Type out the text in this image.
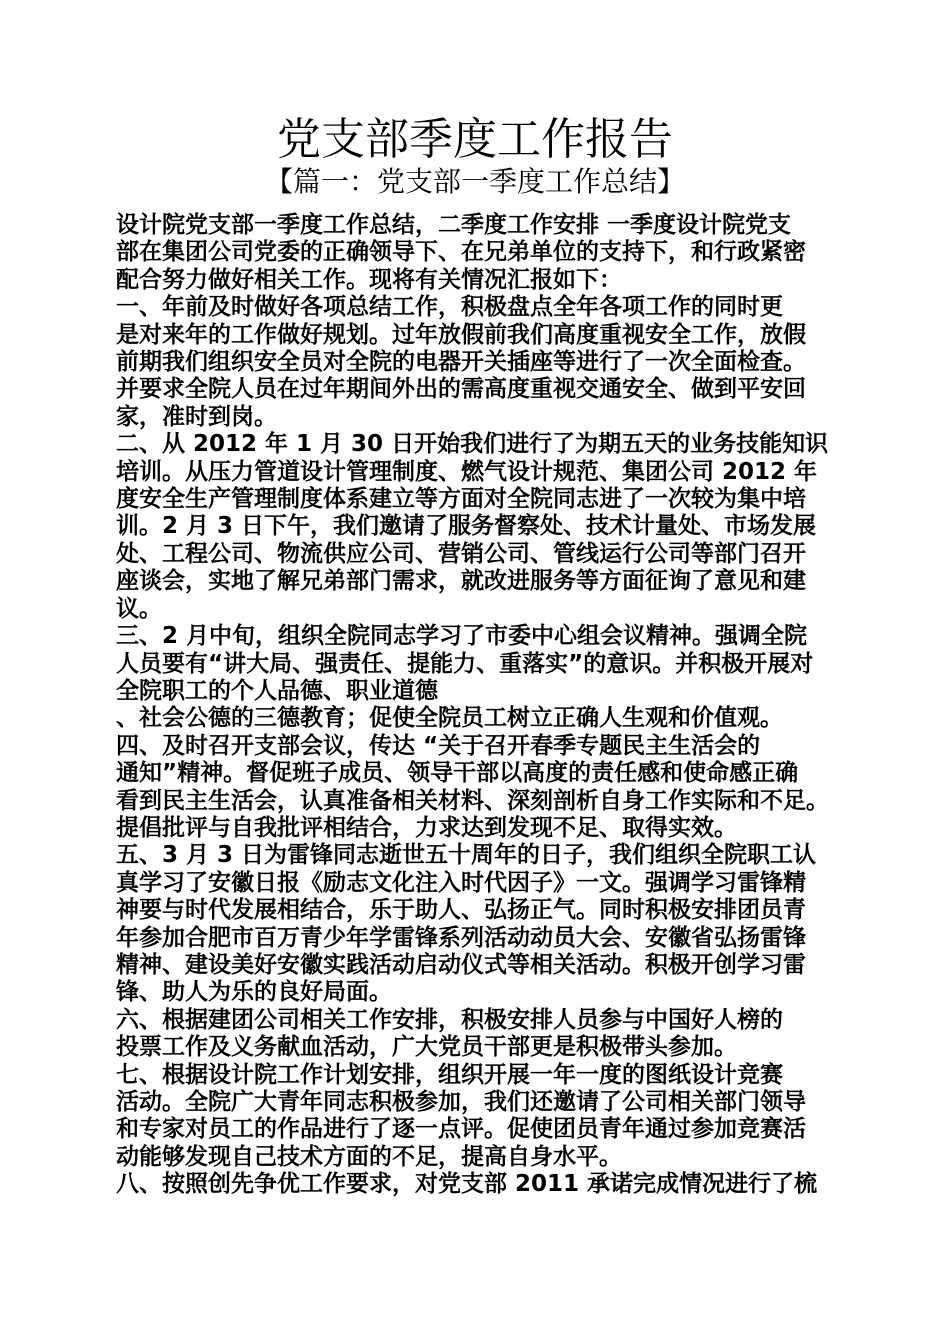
党支部季度工作报告
【篇一：党支部一季度工作总结】
设计院党支部一季度工作总结，二季度工作安排 一季度设计院党支
部在集团公司党委的正确领导下、在兄弟单位的支持下，和行政紧密
配合努力做好相关工作。现将有关情况汇报如下：
一、年前及时做好各项总结工作，积极盘点全年各项工作的同时更
是对来年的工作做好规划。过年放假前我们高度重视安全工作，放假
前期我们组织安全员对全院的电器开关插座等进行了一次全面检查。
并要求全院人员在过年期间外出的需高度重视交通安全、做到平安回
家，准时到岗。
二、从 2012 年 1 月 30 日开始我们进行了为期五天的业务技能知识
培训。从压力管道设计管理制度、燃气设计规范、集团公司 2012 年
度安全生产管理制度体系建立等方面对全院同志进了一次较为集中培
训。2 月 3 日下午，我们邀请了服务督察处、技术计量处、市场发展
处、工程公司、物流供应公司、营销公司、管线运行公司等部门召开
座谈会，实地了解兄弟部门需求，就改进服务等方面征询了意见和建
议。
三、2 月中旬，组织全院同志学习了市委中心组会议精神。强调全院
人员要有“讲大局、强责任、提能力、重落实”的意识。并积极开展对
全院职工的个人品德、职业道德
、社会公德的三德教育；促使全院员工树立正确人生观和价值观。
四、及时召开支部会议，传达 “关于召开春季专题民主生活会的
通知”精神。督促班子成员、领导干部以高度的责任感和使命感正确
看到民主生活会，认真准备相关材料、深刻剖析自身工作实际和不足。
提倡批评与自我批评相结合，力求达到发现不足、取得实效。
五、3 月 3 日为雷锋同志逝世五十周年的日子，我们组织全院职工认
真学习了安徽日报《励志文化注入时代因子》一文。强调学习雷锋精
神要与时代发展相结合，乐于助人、弘扬正气。同时积极安排团员青
年参加合肥市百万青少年学雷锋系列活动动员大会、安徽省弘扬雷锋
精神、建设美好安徽实践活动启动仪式等相关活动。积极开创学习雷
锋、助人为乐的良好局面。
六、根据建团公司相关工作安排，积极安排人员参与中国好人榜的
投票工作及义务献血活动，广大党员干部更是积极带头参加。
七、根据设计院工作计划安排，组织开展一年一度的图纸设计竞赛
活动。全院广大青年同志积极参加，我们还邀请了公司相关部门领导
和专家对员工的作品进行了逐一点评。促使团员青年通过参加竞赛活
动能够发现自己技术方面的不足，提高自身水平。
八、按照创先争优工作要求，对党支部 2011 承诺完成情况进行了梳
